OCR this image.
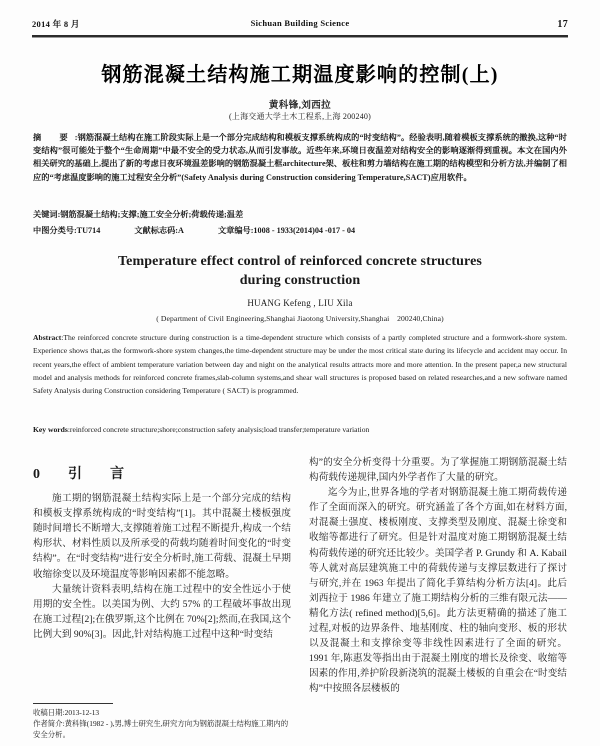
2014 年 8 月	Sichuan Building Science	17
钢筋混凝土结构施工期温度影响的控制(上)
黄科锋,刘西拉
(上海交通大学土木工程系,上海 200240)
摘　要 :钢筋混凝土结构在施工阶段实际上是一个部分完成结构和模板支撑系统构成的“时变结构”。经验表明,随着模板支撑系统的撤换,这种“时变结构”很可能处于整个“生命周期”中最不安全的受力状态,从而引发事故。近些年来,环境日夜温差对结构安全的影响逐渐得到重视。本文在国内外相关研究的基础上,提出了新的考虑日夜环境温差影响的钢筋混凝土框architecture架、板柱和剪力墙结构在施工期的结构模型和分析方法,并编制了相应的“考虑温度影响的施工过程安全分析”(Safety Analysis during Construction considering Temperature,SACT)应用软件。
关键词:钢筋混凝土结构;支撑;施工安全分析;荷载传递;温差
中图分类号:TU714	文献标志码:A	文章编号:1008 - 1933(2014)04 -017 - 04
Temperature effect control of reinforced concrete structures
during construction
HUANG Kefeng , LIU Xila
( Department of Civil Engineering,Shanghai Jiaotong University,Shanghai　200240,China)
Abstract:The reinforced concrete structure during construction is a time-dependent structure which consists of a partly completed structure and a formwork-shore system. Experience shows that,as the formwork-shore system changes,the time-dependent structure may be under the most critical state during its lifecycle and accident may occur. In recent years,the effect of ambient temperature variation between day and night on the analytical results attracts more and more attention. In the present paper,a new structural model and analysis methods for reinforced concrete frames,slab-column systems,and shear wall structures is proposed based on related researches,and a new software named Safety Analysis during Construction considering Temperature ( SACT) is programmed.
Key words:reinforced concrete structure;shore;construction safety analysis;load transfer;temperature variation
0　引　言

施工期的钢筋混凝土结构实际上是一个部分完成的结构和模板支撑系统构成的“时变结构”[1]。其中混凝土楼板强度随时间增长不断增大,支撑随着施工过程不断提升,构成一个结构形状、材料性质以及所承受的荷载均随着时间变化的“时变结构”。在“时变结构”进行安全分析时,施工荷载、混凝土早期收缩徐变以及环境温度等影响因素都不能忽略。

大量统计资料表明,结构在施工过程中的安全性远小于使用期的安全性。以美国为例、大约 57% 的工程破坏事故出现在施工过程[2];在俄罗斯,这个比例在 70%[2];然而,在我国,这个比例大到 90%[3]。因此,针对结构施工过程中这种“时变结

构”的安全分析变得十分重要。为了掌握施工期钢筋混凝土结构荷载传递规律,国内外学者作了大量的研究。

迄今为止,世界各地的学者对钢筋混凝土施工期荷载传递作了全面而深入的研究。研究涵盖了各个方面,如在材料方面,对混凝土强度、楼板刚度、支撑类型及刚度、混凝土徐变和收缩等都进行了研究。但是针对温度对施工期钢筋混凝土结构荷载传递的研究还比较少。美国学者 P. Grundy 和 A. Kabail 等人就对高层建筑施工中的荷载传递与支撑层数进行了探讨与研究,并在 1963 年提出了简化手算结构分析方法[4]。此后刘西拉于 1986 年建立了施工期结构分析的三维有限元法——精化方法( refined method)[5,6]。此方法更精确的描述了施工过程,对板的边界条件、地基刚度、柱的轴向变形、板的形状以及混凝土和支撑徐变等非线性因素进行了全面的研究。1991 年,陈惠发等指出由于混凝土刚度的增长及徐变、收缩等因素的作用,养护阶段新浇筑的混凝土楼板的自重会在“时变结构”中按照各层楼板的

收稿日期:2013-12-13
作者简介:黄科锋(1982 - ),男,博士研究生,研究方向为钢筋混凝土结构施工期内的安全分析。
